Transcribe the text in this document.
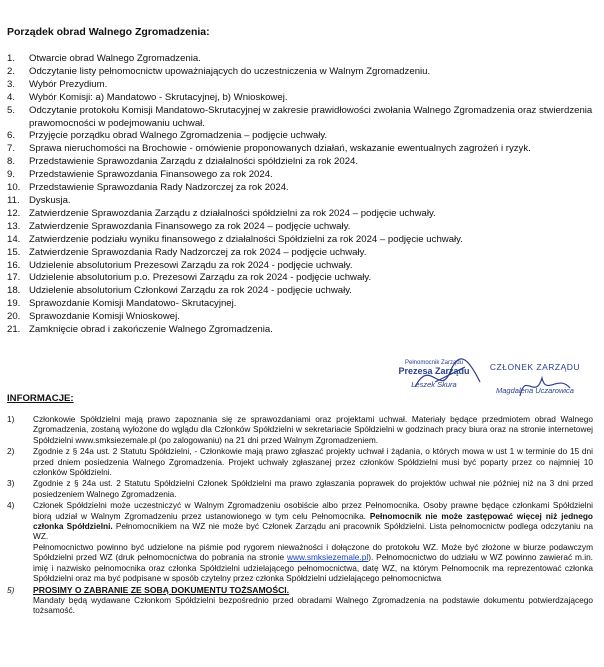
Porządek obrad Walnego Zgromadzenia:
1. Otwarcie obrad Walnego Zgromadzenia.
2. Odczytanie listy pełnomocnictw upoważniających do uczestniczenia w Walnym Zgromadzeniu.
3. Wybór Prezydium.
4. Wybór Komisji: a) Mandatowo - Skrutacyjnej, b) Wnioskowej.
5. Odczytanie protokołu Komisji Mandatowo-Skrutacyjnej w zakresie prawidłowości zwołania Walnego Zgromadzenia oraz stwierdzenia prawomocności w podejmowaniu uchwał.
6. Przyjęcie porządku obrad Walnego Zgromadzenia – podjęcie uchwały.
7. Sprawa nieruchomości na Brochowie - omówienie proponowanych działań, wskazanie ewentualnych zagrożeń i ryzyk.
8. Przedstawienie Sprawozdania Zarządu z działalności spółdzielni za rok 2024.
9. Przedstawienie Sprawozdania Finansowego za rok 2024.
10. Przedstawienie Sprawozdania Rady Nadzorczej za rok 2024.
11. Dyskusja.
12. Zatwierdzenie Sprawozdania Zarządu z działalności spółdzielni za rok 2024 – podjęcie uchwały.
13. Zatwierdzenie Sprawozdania Finansowego za rok 2024 – podjęcie uchwały.
14. Zatwierdzenie podziału wyniku finansowego z działalności Spółdzielni za rok 2024 – podjęcie uchwały.
15. Zatwierdzenie Sprawozdania Rady Nadzorczej za rok 2024 – podjęcie uchwały.
16. Udzielenie absolutorium Prezesowi Zarządu za rok 2024 - podjęcie uchwały.
17. Udzielenie absolutorium p.o. Prezesowi Zarządu za rok 2024 - podjęcie uchwały.
18. Udzielenie absolutorium Członkowi Zarządu za rok 2024 - podjęcie uchwały.
19. Sprawozdanie Komisji Mandatowo- Skrutacyjnej.
20. Sprawozdanie Komisji Wnioskowej.
21. Zamknięcie obrad i zakończenie Walnego Zgromadzenia.
Pełnomocnik Zarządu
Prezesa Zarządu
Leszek Skura
CZŁONEK ZARZĄDU
Magdalena Uczarowica
INFORMACJE:
1) Członkowie Spółdzielni mają prawo zapoznania się ze sprawozdaniami oraz projektami uchwał. Materiały będące przedmiotem obrad Walnego Zgromadzenia, zostaną wyłożone do wglądu dla Członków Spółdzielni w sekretariacie Spółdzielni w godzinach pracy biura oraz na stronie internetowej Spółdzielni www.smksiezemale.pl (po zalogowaniu) na 21 dni przed Walnym Zgromadzeniem.
2) Zgodnie z § 24a ust. 2 Statutu Spółdzielni, - Członkowie mają prawo zgłaszać projekty uchwał i żądania, o których mowa w ust 1 w terminie do 15 dni przed dniem posiedzenia Walnego Zgromadzenia. Projekt uchwały zgłaszanej przez członków Spółdzielni musi być poparty przez co najmniej 10 członków Spółdzielni.
3) Zgodnie z § 24a ust. 2 Statutu Spółdzielni Członek Spółdzielni ma prawo zgłaszania poprawek do projektów uchwał nie później niż na 3 dni przed posiedzeniem Walnego Zgromadzenia.
4) Członek Spółdzielni może uczestniczyć w Walnym Zgromadzeniu osobiście albo przez Pełnomocnika. Osoby prawne będące członkami Spółdzielni biorą udział w Walnym Zgromadzeniu przez ustanowionego w tym celu Pełnomocnika. Pełnomocnik nie może zastępować więcej niż jednego członka Spółdzielni. Pełnomocnikiem na WZ nie może być Członek Zarządu ani pracownik Spółdzielni. Lista pełnomocnictw podlega odczytaniu na WZ.
Pełnomocnictwo powinno być udzielone na piśmie pod rygorem nieważności i dołączone do protokołu WZ. Może być złożone w biurze podawczym Spółdzielni przed WZ (druk pełnomocnictwa do pobrania na stronie www.smksiezemale.pl). Pełnomocnictwo do udziału w WZ powinno zawierać m.in. imię i nazwisko pełnomocnika oraz członka Spółdzielni udzielającego pełnomocnictwa, datę WZ, na którym Pełnomocnik ma reprezentować członka Spółdzielni oraz ma być podpisane w sposób czytelny przez członka Spółdzielni udzielającego pełnomocnictwa
5) PROSIMY O ZABRANIE ZE SOBĄ DOKUMENTU TOŻSAMOŚCI.
Mandaty będą wydawane Członkom Spółdzielni bezpośrednio przed obradami Walnego Zgromadzenia na podstawie dokumentu potwierdzającego tożsamość.
